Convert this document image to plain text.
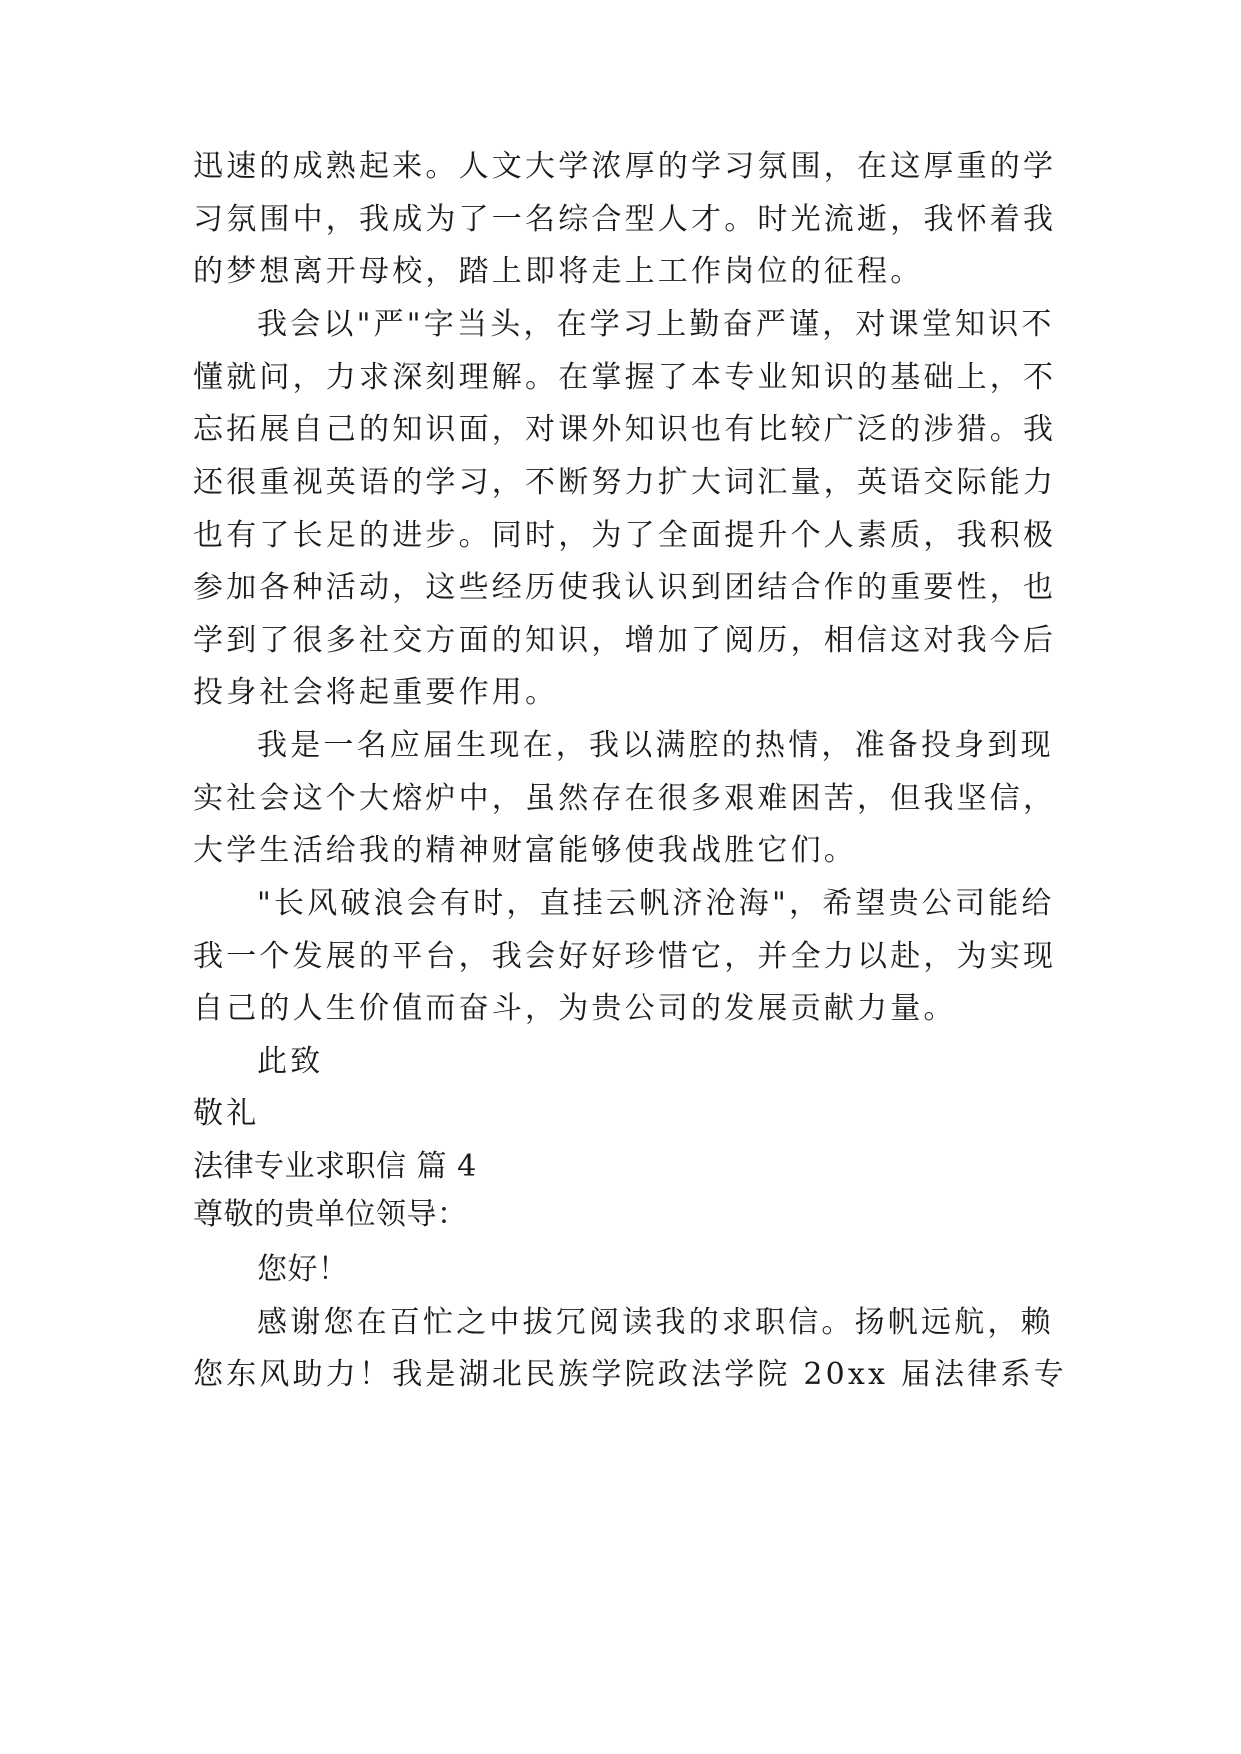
迅速的成熟起来。人文大学浓厚的学习氛围，在这厚重的学
习氛围中，我成为了一名综合型人才。时光流逝，我怀着我
的梦想离开母校，踏上即将走上工作岗位的征程。
我会以"严"字当头，在学习上勤奋严谨，对课堂知识不
懂就问，力求深刻理解。在掌握了本专业知识的基础上，不
忘拓展自己的知识面，对课外知识也有比较广泛的涉猎。我
还很重视英语的学习，不断努力扩大词汇量，英语交际能力
也有了长足的进步。同时，为了全面提升个人素质，我积极
参加各种活动，这些经历使我认识到团结合作的重要性，也
学到了很多社交方面的知识，增加了阅历，相信这对我今后
投身社会将起重要作用。
我是一名应届生现在，我以满腔的热情，准备投身到现
实社会这个大熔炉中，虽然存在很多艰难困苦，但我坚信，
大学生活给我的精神财富能够使我战胜它们。
"长风破浪会有时，直挂云帆济沧海"，希望贵公司能给
我一个发展的平台，我会好好珍惜它，并全力以赴，为实现
自己的人生价值而奋斗，为贵公司的发展贡献力量。
此致
敬礼
法律专业求职信 篇 4
尊敬的贵单位领导：
您好！
感谢您在百忙之中拔冗阅读我的求职信。扬帆远航，赖
您东风助力！我是湖北民族学院政法学院 20xx 届法律系专
